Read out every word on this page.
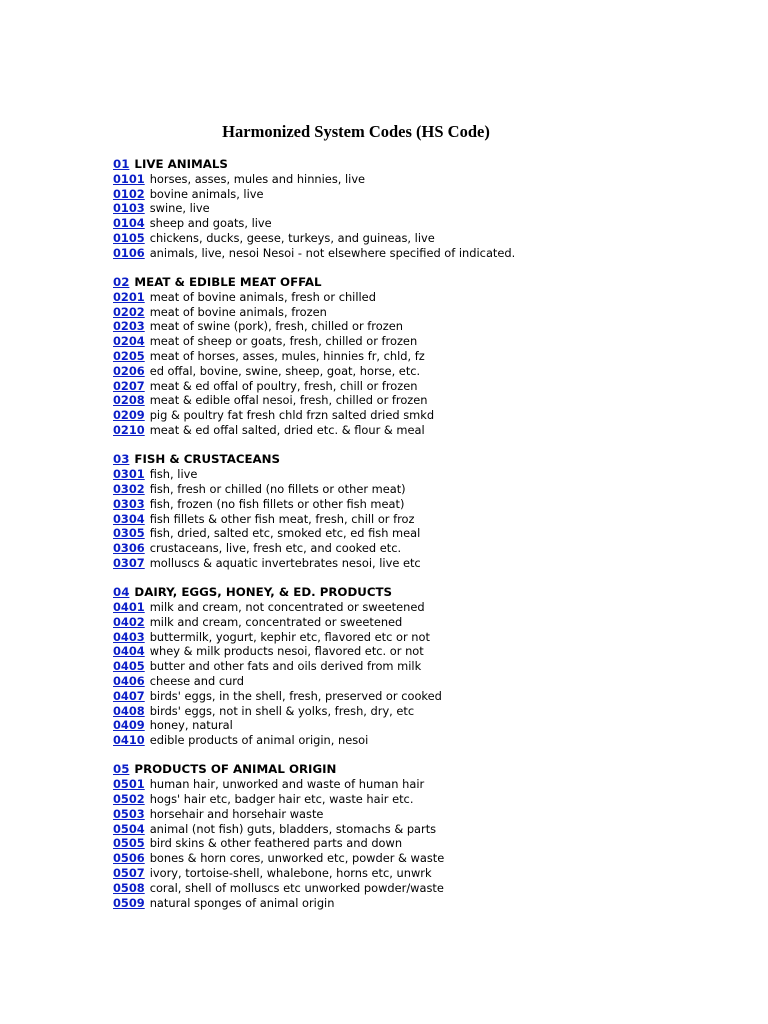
Harmonized System Codes (HS Code)
01 LIVE ANIMALS
0101 horses, asses, mules and hinnies, live
0102 bovine animals, live
0103 swine, live
0104 sheep and goats, live
0105 chickens, ducks, geese, turkeys, and guineas, live
0106 animals, live, nesoi Nesoi - not elsewhere specified of indicated.
02 MEAT & EDIBLE MEAT OFFAL
0201 meat of bovine animals, fresh or chilled
0202 meat of bovine animals, frozen
0203 meat of swine (pork), fresh, chilled or frozen
0204 meat of sheep or goats, fresh, chilled or frozen
0205 meat of horses, asses, mules, hinnies fr, chld, fz
0206 ed offal, bovine, swine, sheep, goat, horse, etc.
0207 meat & ed offal of poultry, fresh, chill or frozen
0208 meat & edible offal nesoi, fresh, chilled or frozen
0209 pig & poultry fat fresh chld frzn salted dried smkd
0210 meat & ed offal salted, dried etc. & flour & meal
03 FISH & CRUSTACEANS
0301 fish, live
0302 fish, fresh or chilled (no fillets or other meat)
0303 fish, frozen (no fish fillets or other fish meat)
0304 fish fillets & other fish meat, fresh, chill or froz
0305 fish, dried, salted etc, smoked etc, ed fish meal
0306 crustaceans, live, fresh etc, and cooked etc.
0307 molluscs & aquatic invertebrates nesoi, live etc
04 DAIRY, EGGS, HONEY, & ED. PRODUCTS
0401 milk and cream, not concentrated or sweetened
0402 milk and cream, concentrated or sweetened
0403 buttermilk, yogurt, kephir etc, flavored etc or not
0404 whey & milk products nesoi, flavored etc. or not
0405 butter and other fats and oils derived from milk
0406 cheese and curd
0407 birds' eggs, in the shell, fresh, preserved or cooked
0408 birds' eggs, not in shell & yolks, fresh, dry, etc
0409 honey, natural
0410 edible products of animal origin, nesoi
05 PRODUCTS OF ANIMAL ORIGIN
0501 human hair, unworked and waste of human hair
0502 hogs' hair etc, badger hair etc, waste hair etc.
0503 horsehair and horsehair waste
0504 animal (not fish) guts, bladders, stomachs & parts
0505 bird skins & other feathered parts and down
0506 bones & horn cores, unworked etc, powder & waste
0507 ivory, tortoise-shell, whalebone, horns etc, unwrk
0508 coral, shell of molluscs etc unworked powder/waste
0509 natural sponges of animal origin
